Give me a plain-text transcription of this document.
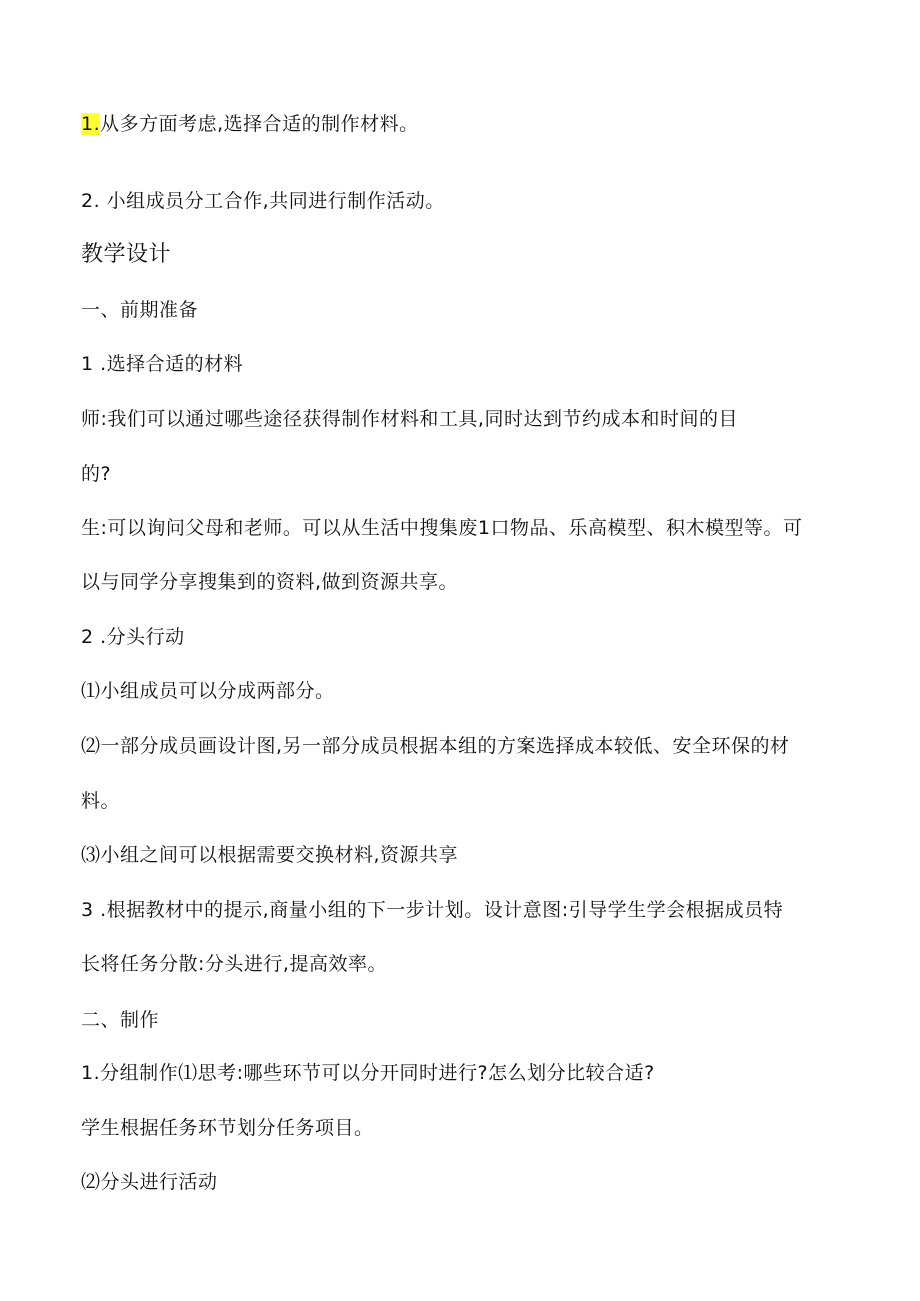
1.从多方面考虑,选择合适的制作材料。
2. 小组成员分工合作,共同进行制作活动。
教学设计
一、前期准备
1 .选择合适的材料
师:我们可以通过哪些途径获得制作材料和工具,同时达到节约成本和时间的目
的?
生:可以询问父母和老师。可以从生活中搜集废1口物品、乐高模型、积木模型等。可
以与同学分享搜集到的资料,做到资源共享。
2 .分头行动
⑴小组成员可以分成两部分。
⑵一部分成员画设计图,另一部分成员根据本组的方案选择成本较低、安全环保的材
料。
⑶小组之间可以根据需要交换材料,资源共享
3 .根据教材中的提示,商量小组的下一步计划。设计意图:引导学生学会根据成员特
长将任务分散:分头进行,提高效率。
二、制作
1.分组制作⑴思考:哪些环节可以分开同时进行?怎么划分比较合适?
学生根据任务环节划分任务项目。
⑵分头进行活动
